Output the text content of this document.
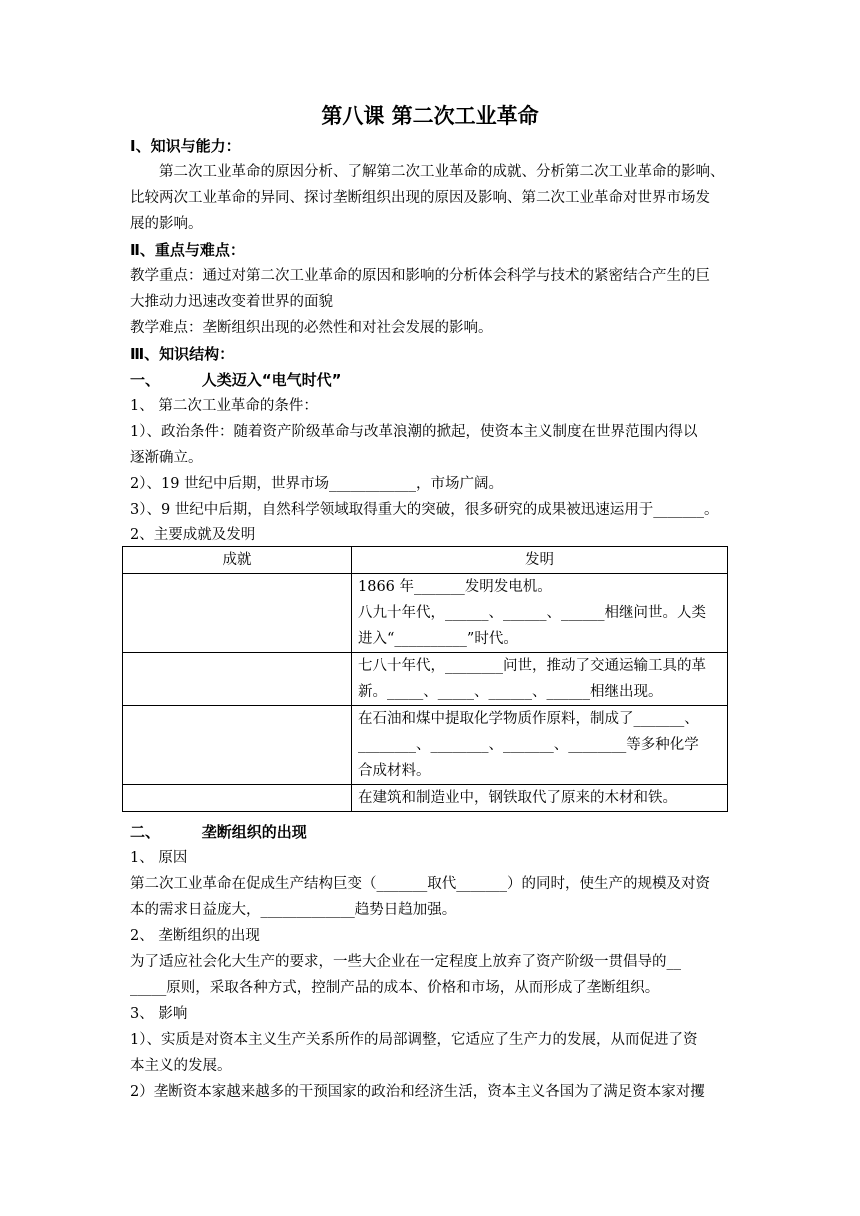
第八课 第二次工业革命
Ⅰ、知识与能力：
第二次工业革命的原因分析、了解第二次工业革命的成就、分析第二次工业革命的影响、
比较两次工业革命的异同、探讨垄断组织出现的原因及影响、第二次工业革命对世界市场发
展的影响。
Ⅱ、重点与难点：
教学重点：通过对第二次工业革命的原因和影响的分析体会科学与技术的紧密结合产生的巨
大推动力迅速改变着世界的面貌
教学难点：垄断组织出现的必然性和对社会发展的影响。
Ⅲ、知识结构：
一、        人类迈入“电气时代”
1、 第二次工业革命的条件：
1）、政治条件：随着资产阶级革命与改革浪潮的掀起，使资本主义制度在世界范围内得以
逐渐确立。
2）、19 世纪中后期，世界市场____________，市场广阔。
3）、9 世纪中后期，自然科学领域取得重大的突破，很多研究的成果被迅速运用于_______。
2、主要成就及发明
成就	发明

	1866 年_______发明发电机。
八九十年代，______、______、______相继问世。人类
进入“__________”时代。

	七八十年代，________问世，推动了交通运输工具的革
新。_____、_____、______、______相继出现。

	在石油和煤中提取化学物质作原料，制成了_______、
________、________、_______、________等多种化学
合成材料。

	在建筑和制造业中，钢铁取代了原来的木材和铁。
二、        垄断组织的出现
1、 原因
第二次工业革命在促成生产结构巨变（_______取代_______）的同时，使生产的规模及对资
本的需求日益庞大，_____________趋势日趋加强。
2、 垄断组织的出现
为了适应社会化大生产的要求，一些大企业在一定程度上放弃了资产阶级一贯倡导的__
_____原则，采取各种方式，控制产品的成本、价格和市场，从而形成了垄断组织。
3、 影响
1）、实质是对资本主义生产关系所作的局部调整，它适应了生产力的发展，从而促进了资
本主义的发展。
2）垄断资本家越来越多的干预国家的政治和经济生活，资本主义各国为了满足资本家对攫
